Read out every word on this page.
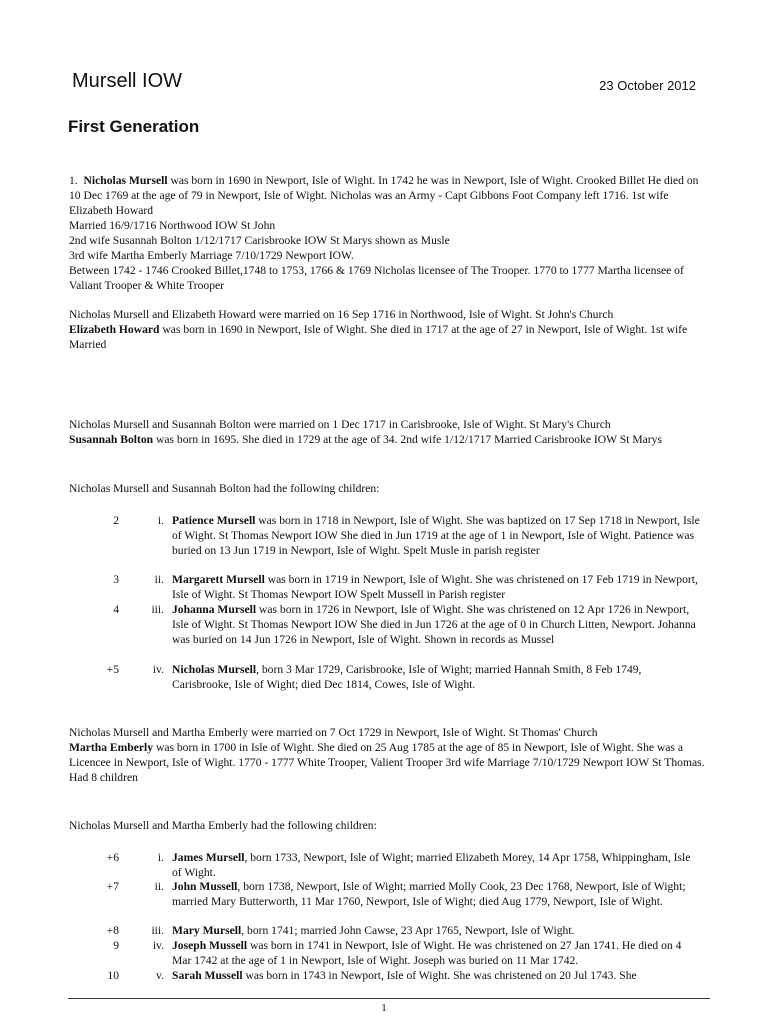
Mursell IOW	23 October 2012
First Generation
1. Nicholas Mursell was born in 1690 in Newport, Isle of Wight. In 1742 he was in Newport, Isle of Wight. Crooked Billet He died on 10 Dec 1769 at the age of 79 in Newport, Isle of Wight. Nicholas was an Army - Capt Gibbons Foot Company left 1716. 1st wife Elizabeth Howard
Married 16/9/1716 Northwood IOW St John
2nd wife Susannah Bolton 1/12/1717 Carisbrooke IOW St Marys shown as Musle
3rd wife Martha Emberly Marriage 7/10/1729 Newport IOW.
Between 1742 - 1746 Crooked Billet,1748 to 1753, 1766 & 1769 Nicholas licensee of The Trooper. 1770 to 1777 Martha licensee of Valiant Trooper & White Trooper
Nicholas Mursell and Elizabeth Howard were married on 16 Sep 1716 in Northwood, Isle of Wight. St John's Church
Elizabeth Howard was born in 1690 in Newport, Isle of Wight. She died in 1717 at the age of 27 in Newport, Isle of Wight. 1st wife
Married
Nicholas Mursell and Susannah Bolton were married on 1 Dec 1717 in Carisbrooke, Isle of Wight. St Mary's Church
Susannah Bolton was born in 1695. She died in 1729 at the age of 34. 2nd wife 1/12/1717 Married Carisbrooke IOW St Marys
Nicholas Mursell and Susannah Bolton had the following children:
2	i. Patience Mursell was born in 1718 in Newport, Isle of Wight. She was baptized on 17 Sep 1718 in Newport, Isle of Wight. St Thomas Newport IOW She died in Jun 1719 at the age of 1 in Newport, Isle of Wight. Patience was buried on 13 Jun 1719 in Newport, Isle of Wight. Spelt Musle in parish register
3	ii. Margarett Mursell was born in 1719 in Newport, Isle of Wight. She was christened on 17 Feb 1719 in Newport, Isle of Wight. St Thomas Newport IOW Spelt Mussell in Parish register
4	iii. Johanna Mursell was born in 1726 in Newport, Isle of Wight. She was christened on 12 Apr 1726 in Newport, Isle of Wight. St Thomas Newport IOW She died in Jun 1726 at the age of 0 in Church Litten, Newport. Johanna was buried on 14 Jun 1726 in Newport, Isle of Wight. Shown in records as Mussel
+5	iv. Nicholas Mursell, born 3 Mar 1729, Carisbrooke, Isle of Wight; married Hannah Smith, 8 Feb 1749, Carisbrooke, Isle of Wight; died Dec 1814, Cowes, Isle of Wight.
Nicholas Mursell and Martha Emberly were married on 7 Oct 1729 in Newport, Isle of Wight. St Thomas' Church
Martha Emberly was born in 1700 in Isle of Wight. She died on 25 Aug 1785 at the age of 85 in Newport, Isle of Wight. She was a Licencee in Newport, Isle of Wight. 1770 - 1777 White Trooper, Valient Trooper 3rd wife Marriage 7/10/1729 Newport IOW St Thomas.
Had 8 children
Nicholas Mursell and Martha Emberly had the following children:
+6	i. James Mursell, born 1733, Newport, Isle of Wight; married Elizabeth Morey, 14 Apr 1758, Whippingham, Isle of Wight.
+7	ii. John Mussell, born 1738, Newport, Isle of Wight; married Molly Cook, 23 Dec 1768, Newport, Isle of Wight; married Mary Butterworth, 11 Mar 1760, Newport, Isle of Wight; died Aug 1779, Newport, Isle of Wight.
+8	iii. Mary Mursell, born 1741; married John Cawse, 23 Apr 1765, Newport, Isle of Wight.
9	iv. Joseph Mussell was born in 1741 in Newport, Isle of Wight. He was christened on 27 Jan 1741. He died on 4 Mar 1742 at the age of 1 in Newport, Isle of Wight. Joseph was buried on 11 Mar 1742.
10	v. Sarah Mussell was born in 1743 in Newport, Isle of Wight. She was christened on 20 Jul 1743. She
1
